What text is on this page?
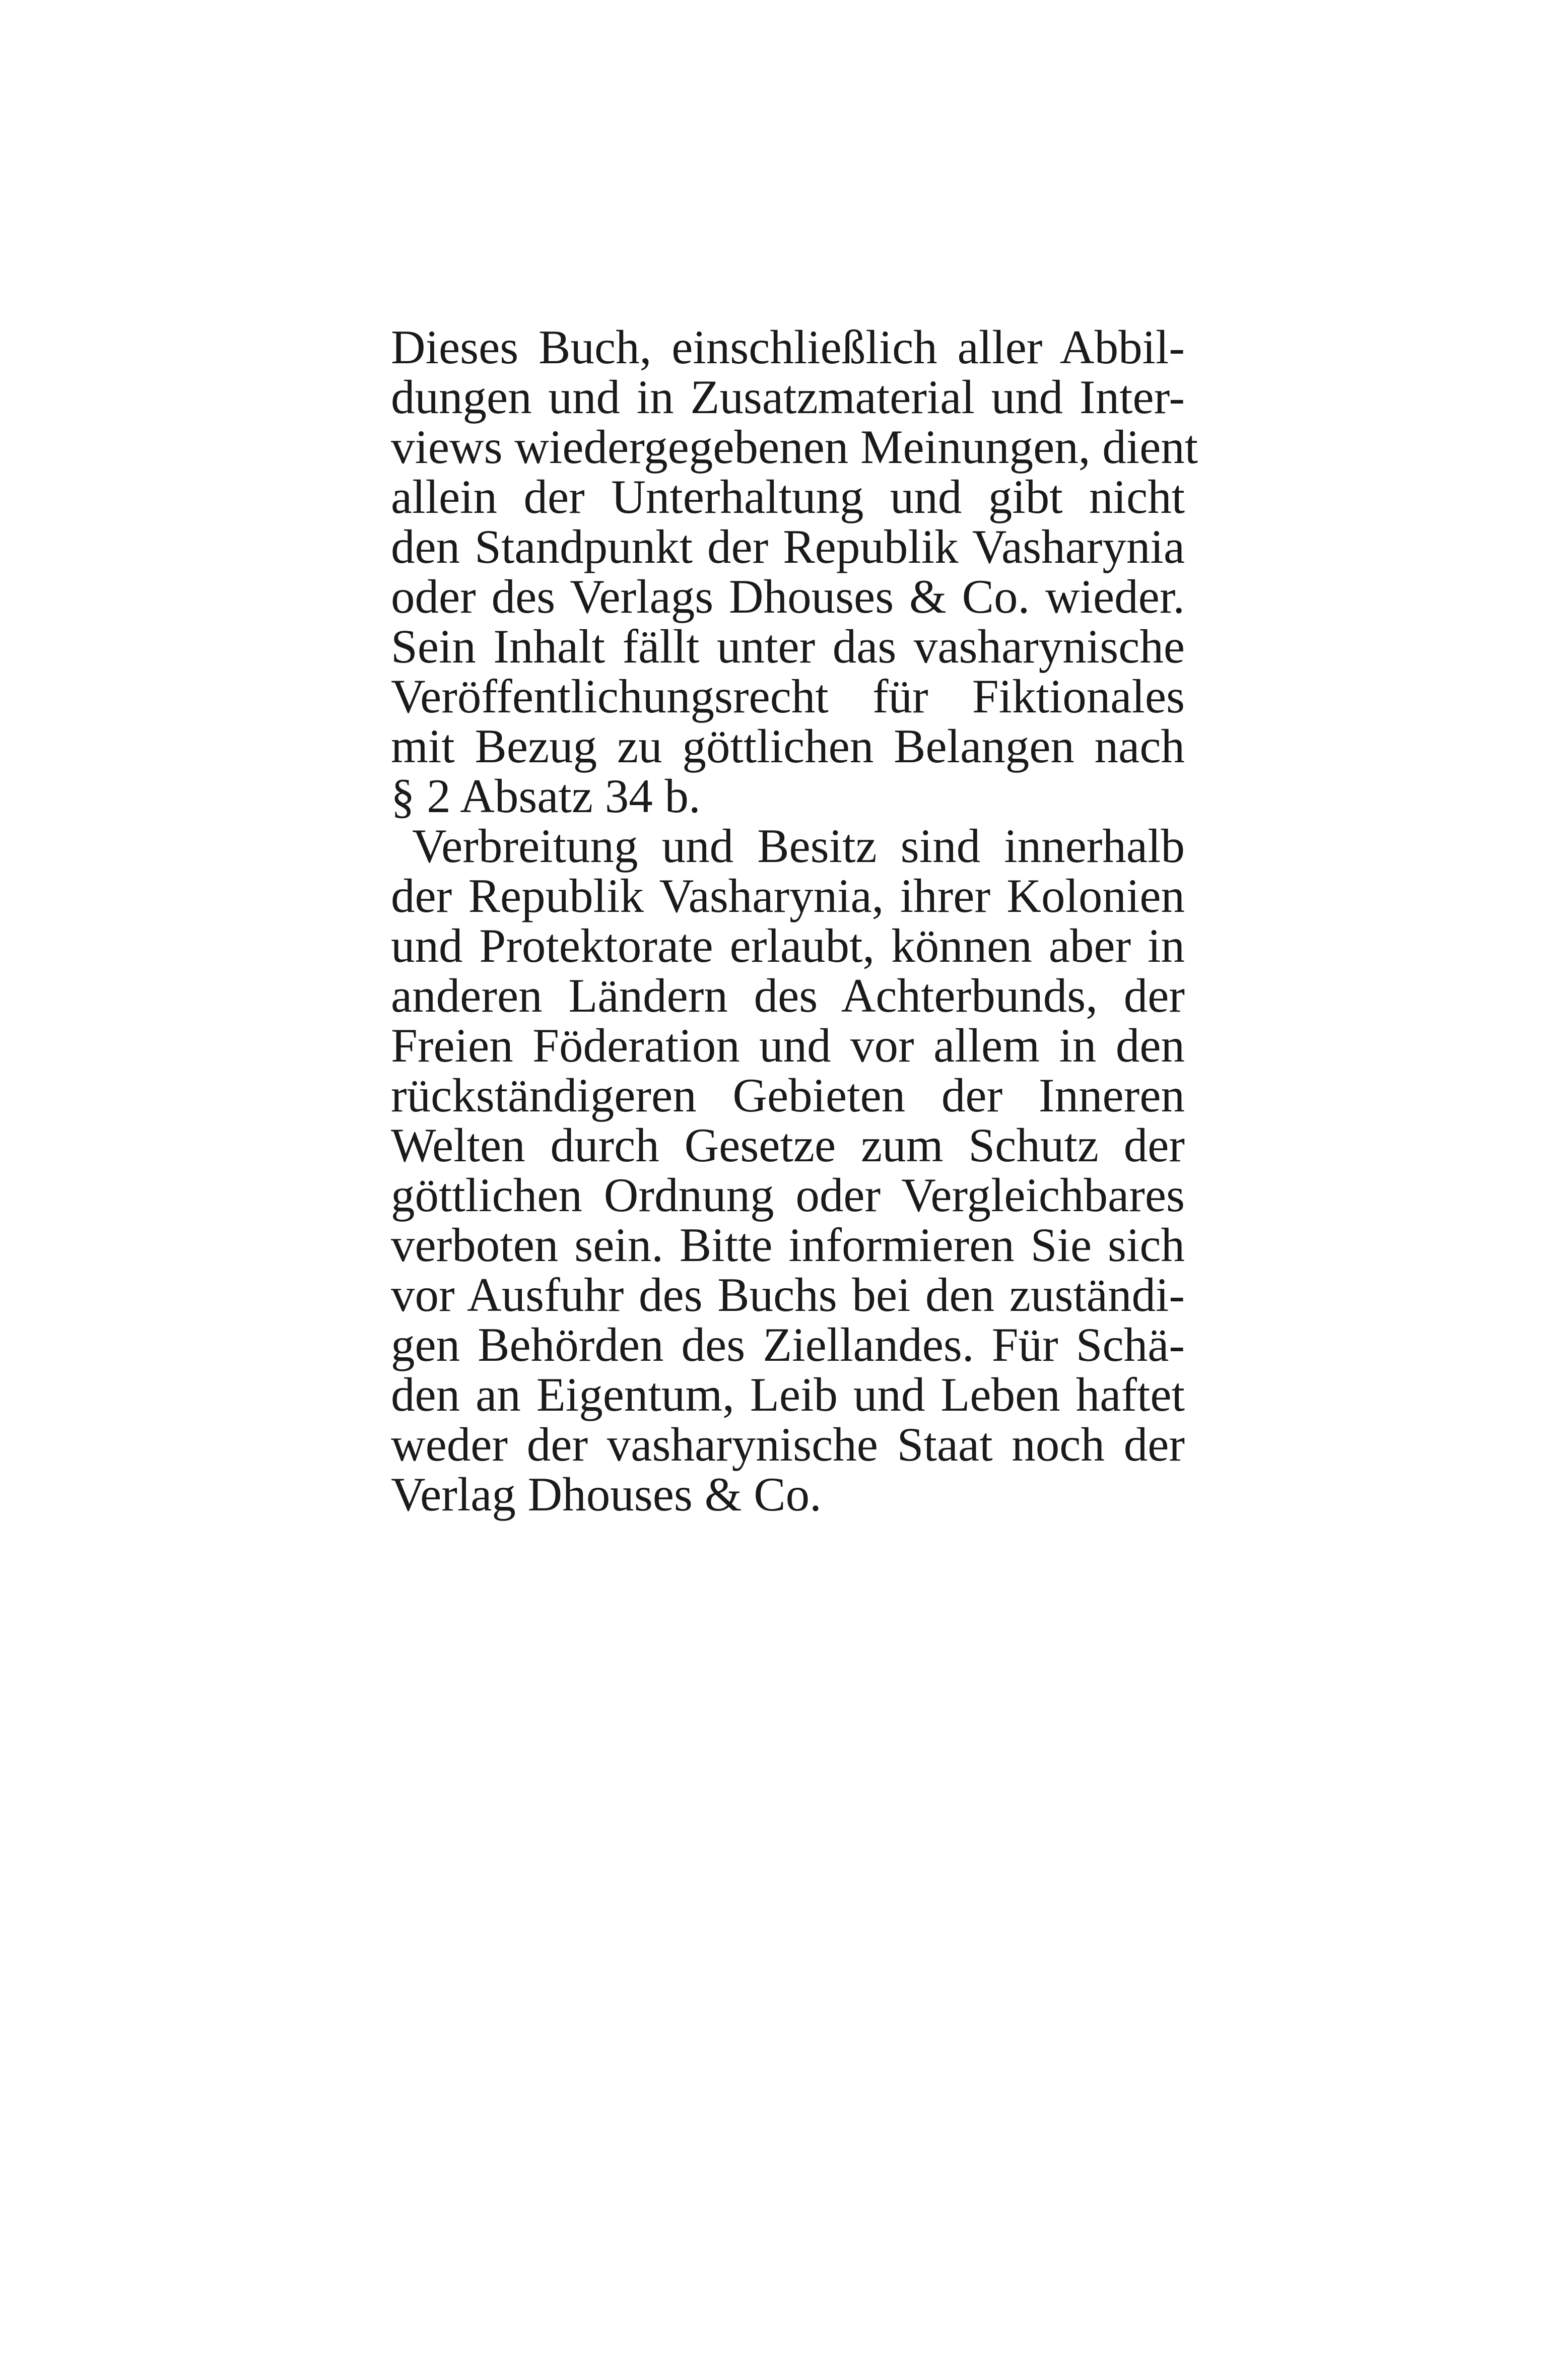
Dieses Buch, einschließlich aller Abbil-
dungen und in Zusatzmaterial und Inter-
views wiedergegebenen Meinungen, dient
allein der Unterhaltung und gibt nicht
den Standpunkt der Republik Vasharynia
oder des Verlags Dhouses & Co. wieder.
Sein Inhalt fällt unter das vasharynische
Veröffentlichungsrecht für Fiktionales
mit Bezug zu göttlichen Belangen nach
§ 2 Absatz 34 b.
Verbreitung und Besitz sind innerhalb
der Republik Vasharynia, ihrer Kolonien
und Protektorate erlaubt, können aber in
anderen Ländern des Achterbunds, der
Freien Föderation und vor allem in den
rückständigeren Gebieten der Inneren
Welten durch Gesetze zum Schutz der
göttlichen Ordnung oder Vergleichbares
verboten sein. Bitte informieren Sie sich
vor Ausfuhr des Buchs bei den zuständi-
gen Behörden des Ziellandes. Für Schä-
den an Eigentum, Leib und Leben haftet
weder der vasharynische Staat noch der
Verlag Dhouses & Co.
